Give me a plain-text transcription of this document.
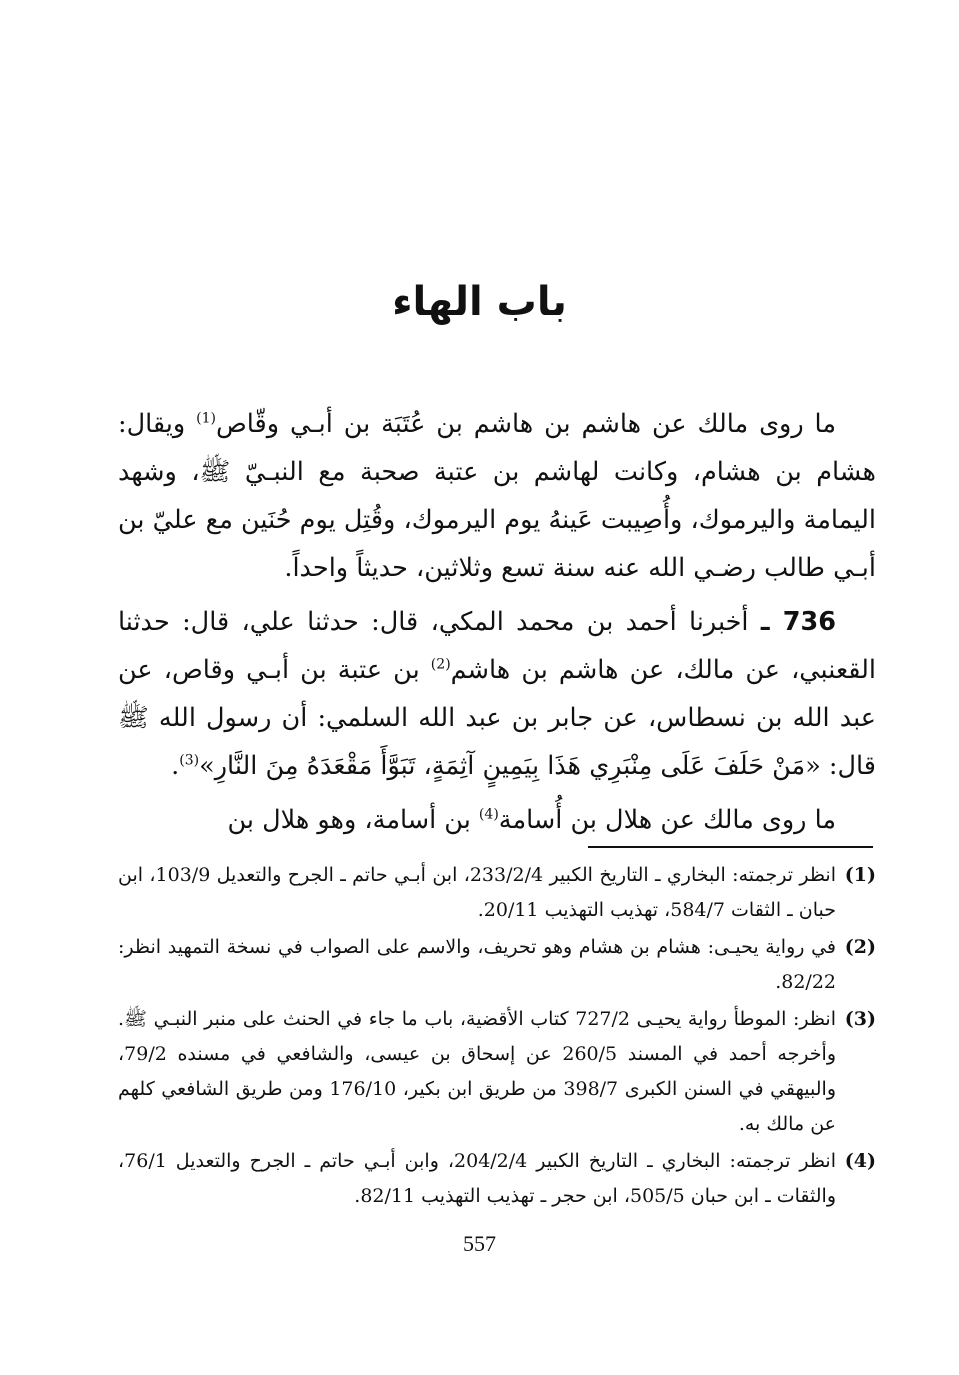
باب الهاء

ما روى مالك عن هاشم بن هاشم بن عُتَبَة بن أبـي وقّاص$^{(1)}$ ويقال: هشام بن هشام، وكانت لهاشم بن عتبة صحبة مع النبـيّ ﷺ، وشهد اليمامة واليرموك، وأُصِيبت عَينهُ يوم اليرموك، وقُتِل يوم حُنَين مع عليّ بن أبـي طالب رضـي الله عنه سنة تسع وثلاثين، حديثاً واحداً.

736 ـ أخبرنا أحمد بن محمد المكي، قال: حدثنا علي، قال: حدثنا القعنبي، عن مالك، عن هاشم بن هاشم$^{(2)}$ بن عتبة بن أبـي وقاص، عن عبد الله بن نسطاس، عن جابر بن عبد الله السلمي: أن رسول الله ﷺ قال: «مَنْ حَلَفَ عَلَى مِنْبَرِي هَذَا بِيَمِينٍ آثِمَةٍ، تَبَوَّأَ مَقْعَدَهُ مِنَ النَّارِ»$^{(3)}$.

ما روى مالك عن هلال بن أُسامة$^{(4)}$ بن أسامة، وهو هلال بن

(1)
انظر ترجمته: البخاري ـ التاريخ الكبير 233/2/4، ابن أبـي حاتم ـ الجرح والتعديل 103/9، ابن حبان ـ الثقات 584/7، تهذيب التهذيب 20/11.
(2)
في رواية يحيـى: هشام بن هشام وهو تحريف، والاسم على الصواب في نسخة التمهيد انظر: 82/22.
(3)
انظر: الموطأ رواية يحيـى 727/2 كتاب الأقضية، باب ما جاء في الحنث على منبر النبـي ﷺ. وأخرجه أحمد في المسند 260/5 عن إسحاق بن عيسى، والشافعي في مسنده 79/2، والبيهقي في السنن الكبرى 398/7 من طريق ابن بكير، 176/10 ومن طريق الشافعي كلهم عن مالك به.
(4)
انظر ترجمته: البخاري ـ التاريخ الكبير 204/2/4، وابن أبـي حاتم ـ الجرح والتعديل 76/1، والثقات ـ ابن حبان 505/5، ابن حجر ـ تهذيب التهذيب 82/11.
557
